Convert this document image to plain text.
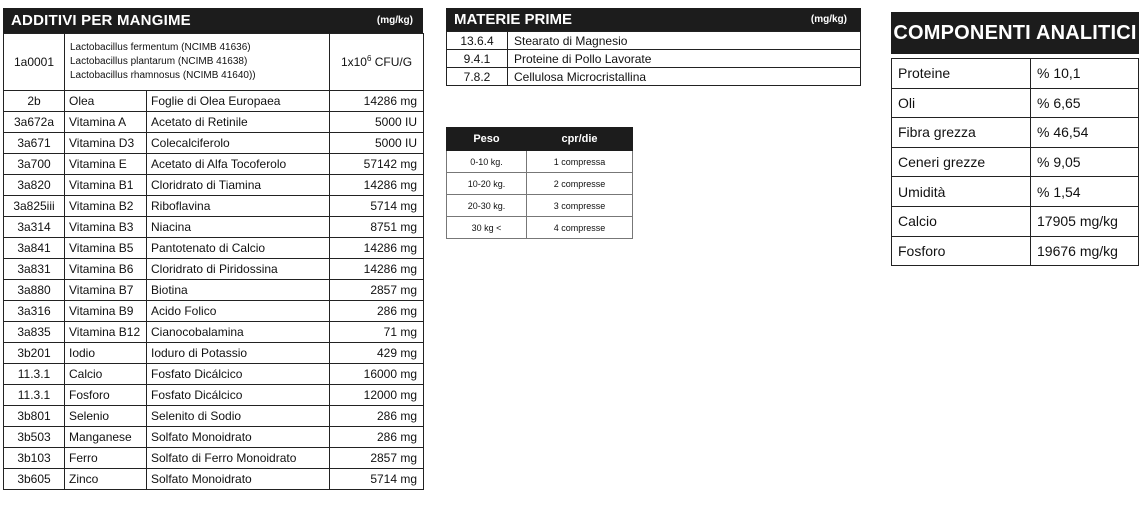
ADDITIVI PER MANGIME	(mg/kg)
1a0001	Lactobacillus fermentum (NCIMB 41636)
Lactobacillus plantarum (NCIMB 41638)
Lactobacillus rhamnosus (NCIMB 41640))		$1x10^6$ CFU/G
2b	Olea	Foglie di Olea Europaea	14286 mg
3a672a	Vitamina A	Acetato di Retinile	5000 IU
3a671	Vitamina D3	Colecalciferolo	5000 IU
3a700	Vitamina E	Acetato di Alfa Tocoferolo	57142 mg
3a820	Vitamina B1	Cloridrato di Tiamina	14286 mg
3a825iii	Vitamina B2	Riboflavina	5714 mg
3a314	Vitamina B3	Niacina	8751 mg
3a841	Vitamina B5	Pantotenato di Calcio	14286 mg
3a831	Vitamina B6	Cloridrato di Piridossina	14286 mg
3a880	Vitamina B7	Biotina	2857 mg
3a316	Vitamina B9	Acido Folico	286 mg
3a835	Vitamina B12	Cianocobalamina	71 mg
3b201	Iodio	Ioduro di Potassio	429 mg
11.3.1	Calcio	Fosfato Dicálcico	16000 mg
11.3.1	Fosforo	Fosfato Dicálcico	12000 mg
3b801	Selenio	Selenito di Sodio	286 mg
3b503	Manganese	Solfato Monoidrato	286 mg
3b103	Ferro	Solfato di Ferro Monoidrato	2857 mg
3b605	Zinco	Solfato Monoidrato	5714 mg
MATERIE PRIME	(mg/kg)
13.6.4	Stearato di Magnesio
9.4.1	Proteine di Pollo Lavorate
7.8.2	Cellulosa Microcristallina
Peso	cpr/die
0-10 kg.	1 compressa
10-20 kg.	2 compresse
20-30 kg.	3 compresse
30 kg <	4 compresse
COMPONENTI ANALITICI
Proteine	% 10,1
Oli	% 6,65
Fibra grezza	% 46,54
Ceneri grezze	% 9,05
Umidità	% 1,54
Calcio	17905 mg/kg
Fosforo	19676 mg/kg
